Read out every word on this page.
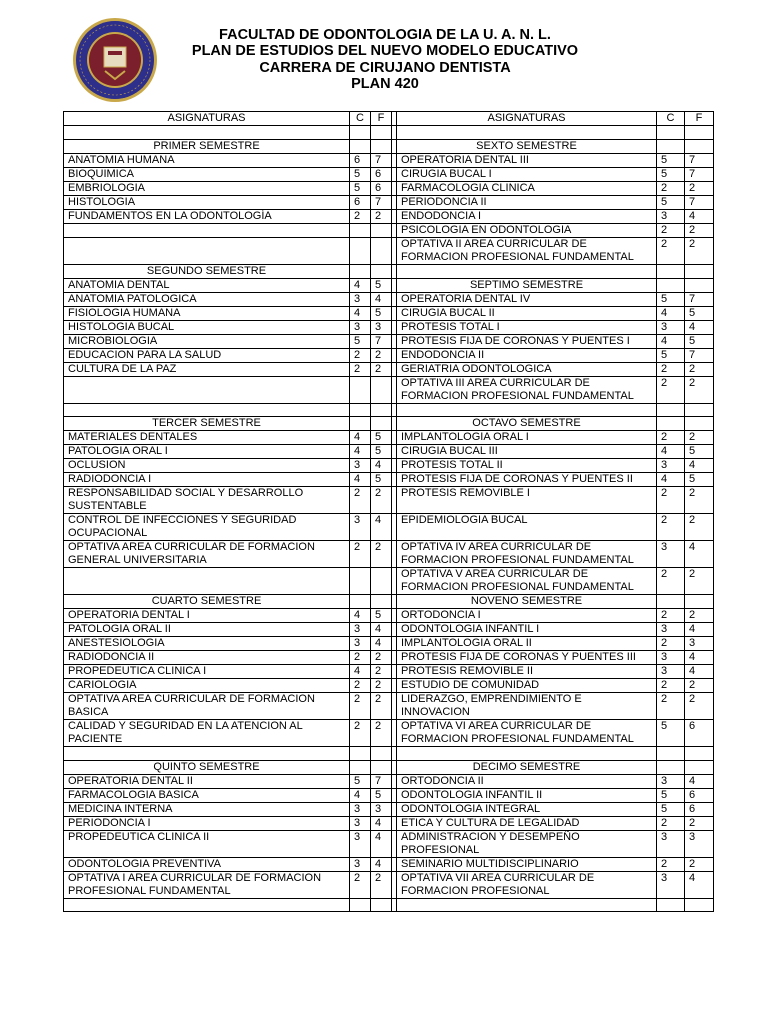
FACULTAD DE ODONTOLOGIA DE LA U. A. N. L.
PLAN DE ESTUDIOS DEL NUEVO MODELO EDUCATIVO
CARRERA DE CIRUJANO DENTISTA
PLAN 420
ASIGNATURAS	C	F		ASIGNATURAS	C	F

PRIMER SEMESTRE				SEXTO SEMESTRE		
ANATOMIA HUMANA	6	7		OPERATORIA DENTAL III	5	7
BIOQUIMICA	5	6		CIRUGIA BUCAL I	5	7
EMBRIOLOGIA	5	6		FARMACOLOGIA CLINICA	2	2
HISTOLOGIA	6	7		PERIODONCIA II	5	7
FUNDAMENTOS EN LA ODONTOLOGÍA	2	2		ENDODONCIA I	3	4
				PSICOLOGIA EN ODONTOLOGIA	2	2
				OPTATIVA II AREA CURRICULAR DE FORMACION PROFESIONAL FUNDAMENTAL	2	2
SEGUNDO SEMESTRE						
ANATOMIA DENTAL	4	5		SEPTIMO SEMESTRE		
ANATOMIA PATOLOGICA	3	4		OPERATORIA DENTAL IV	5	7
FISIOLOGIA HUMANA	4	5		CIRUGIA BUCAL II	4	5
HISTOLOGIA BUCAL	3	3		PROTESIS TOTAL I	3	4
MICROBIOLOGIA	5	7		PROTESIS FIJA DE CORONAS Y PUENTES I	4	5
EDUCACION PARA LA SALUD	2	2		ENDODONCIA II	5	7
CULTURA DE LA PAZ	2	2		GERIATRIA ODONTOLOGICA	2	2
				OPTATIVA III AREA CURRICULAR DE FORMACION PROFESIONAL FUNDAMENTAL	2	2

TERCER SEMESTRE				OCTAVO SEMESTRE		
MATERIALES DENTALES	4	5		IMPLANTOLOGIA ORAL I	2	2
PATOLOGIA ORAL I	4	5		CIRUGIA BUCAL III	4	5
OCLUSION	3	4		PROTESIS TOTAL II	3	4
RADIODONCIA I	4	5		PROTESIS FIJA DE CORONAS Y PUENTES II	4	5
RESPONSABILIDAD SOCIAL Y DESARROLLO SUSTENTABLE	2	2		PROTESIS REMOVIBLE I	2	2
CONTROL DE INFECCIONES Y SEGURIDAD OCUPACIONAL	3	4		EPIDEMIOLOGIA BUCAL	2	2
OPTATIVA AREA CURRICULAR DE FORMACION GENERAL UNIVERSITARIA	2	2		OPTATIVA IV AREA CURRICULAR DE FORMACION PROFESIONAL FUNDAMENTAL	3	4
				OPTATIVA V AREA CURRICULAR DE FORMACION PROFESIONAL FUNDAMENTAL	2	2
CUARTO SEMESTRE				NOVENO SEMESTRE		
OPERATORIA DENTAL I	4	5		ORTODONCIA I	2	2
PATOLOGIA ORAL II	3	4		ODONTOLOGIA INFANTIL I	3	4
ANESTESIOLOGIA	3	4		IMPLANTOLOGIA ORAL II	2	3
RADIODONCIA II	2	2		PROTESIS FIJA DE CORONAS Y PUENTES III	3	4
PROPEDEUTICA CLINICA I	4	2		PROTESIS REMOVIBLE II	3	4
CARIOLOGIA	2	2		ESTUDIO DE COMUNIDAD	2	2
OPTATIVA AREA CURRICULAR DE FORMACION BASICA	2	2		LIDERAZGO, EMPRENDIMIENTO E INNOVACION	2	2
CALIDAD Y SEGURIDAD EN LA ATENCION AL PACIENTE	2	2		OPTATIVA VI AREA CURRICULAR DE FORMACION PROFESIONAL FUNDAMENTAL	5	6

QUINTO SEMESTRE				DECIMO SEMESTRE		
OPERATORIA DENTAL II	5	7		ORTODONCIA II	3	4
FARMACOLOGIA BASICA	4	5		ODONTOLOGIA INFANTIL II	5	6
MEDICINA INTERNA	3	3		ODONTOLOGIA INTEGRAL	5	6
PERIODONCIA I	3	4		ETICA Y CULTURA DE LEGALIDAD	2	2
PROPEDEUTICA CLINICA II	3	4		ADMINISTRACION Y DESEMPEÑO PROFESIONAL	3	3
ODONTOLOGIA PREVENTIVA	3	4		SEMINARIO MULTIDISCIPLINARIO	2	2
OPTATIVA I AREA CURRICULAR DE FORMACION PROFESIONAL FUNDAMENTAL	2	2		OPTATIVA VII AREA CURRICULAR DE FORMACION PROFESIONAL	3	4
